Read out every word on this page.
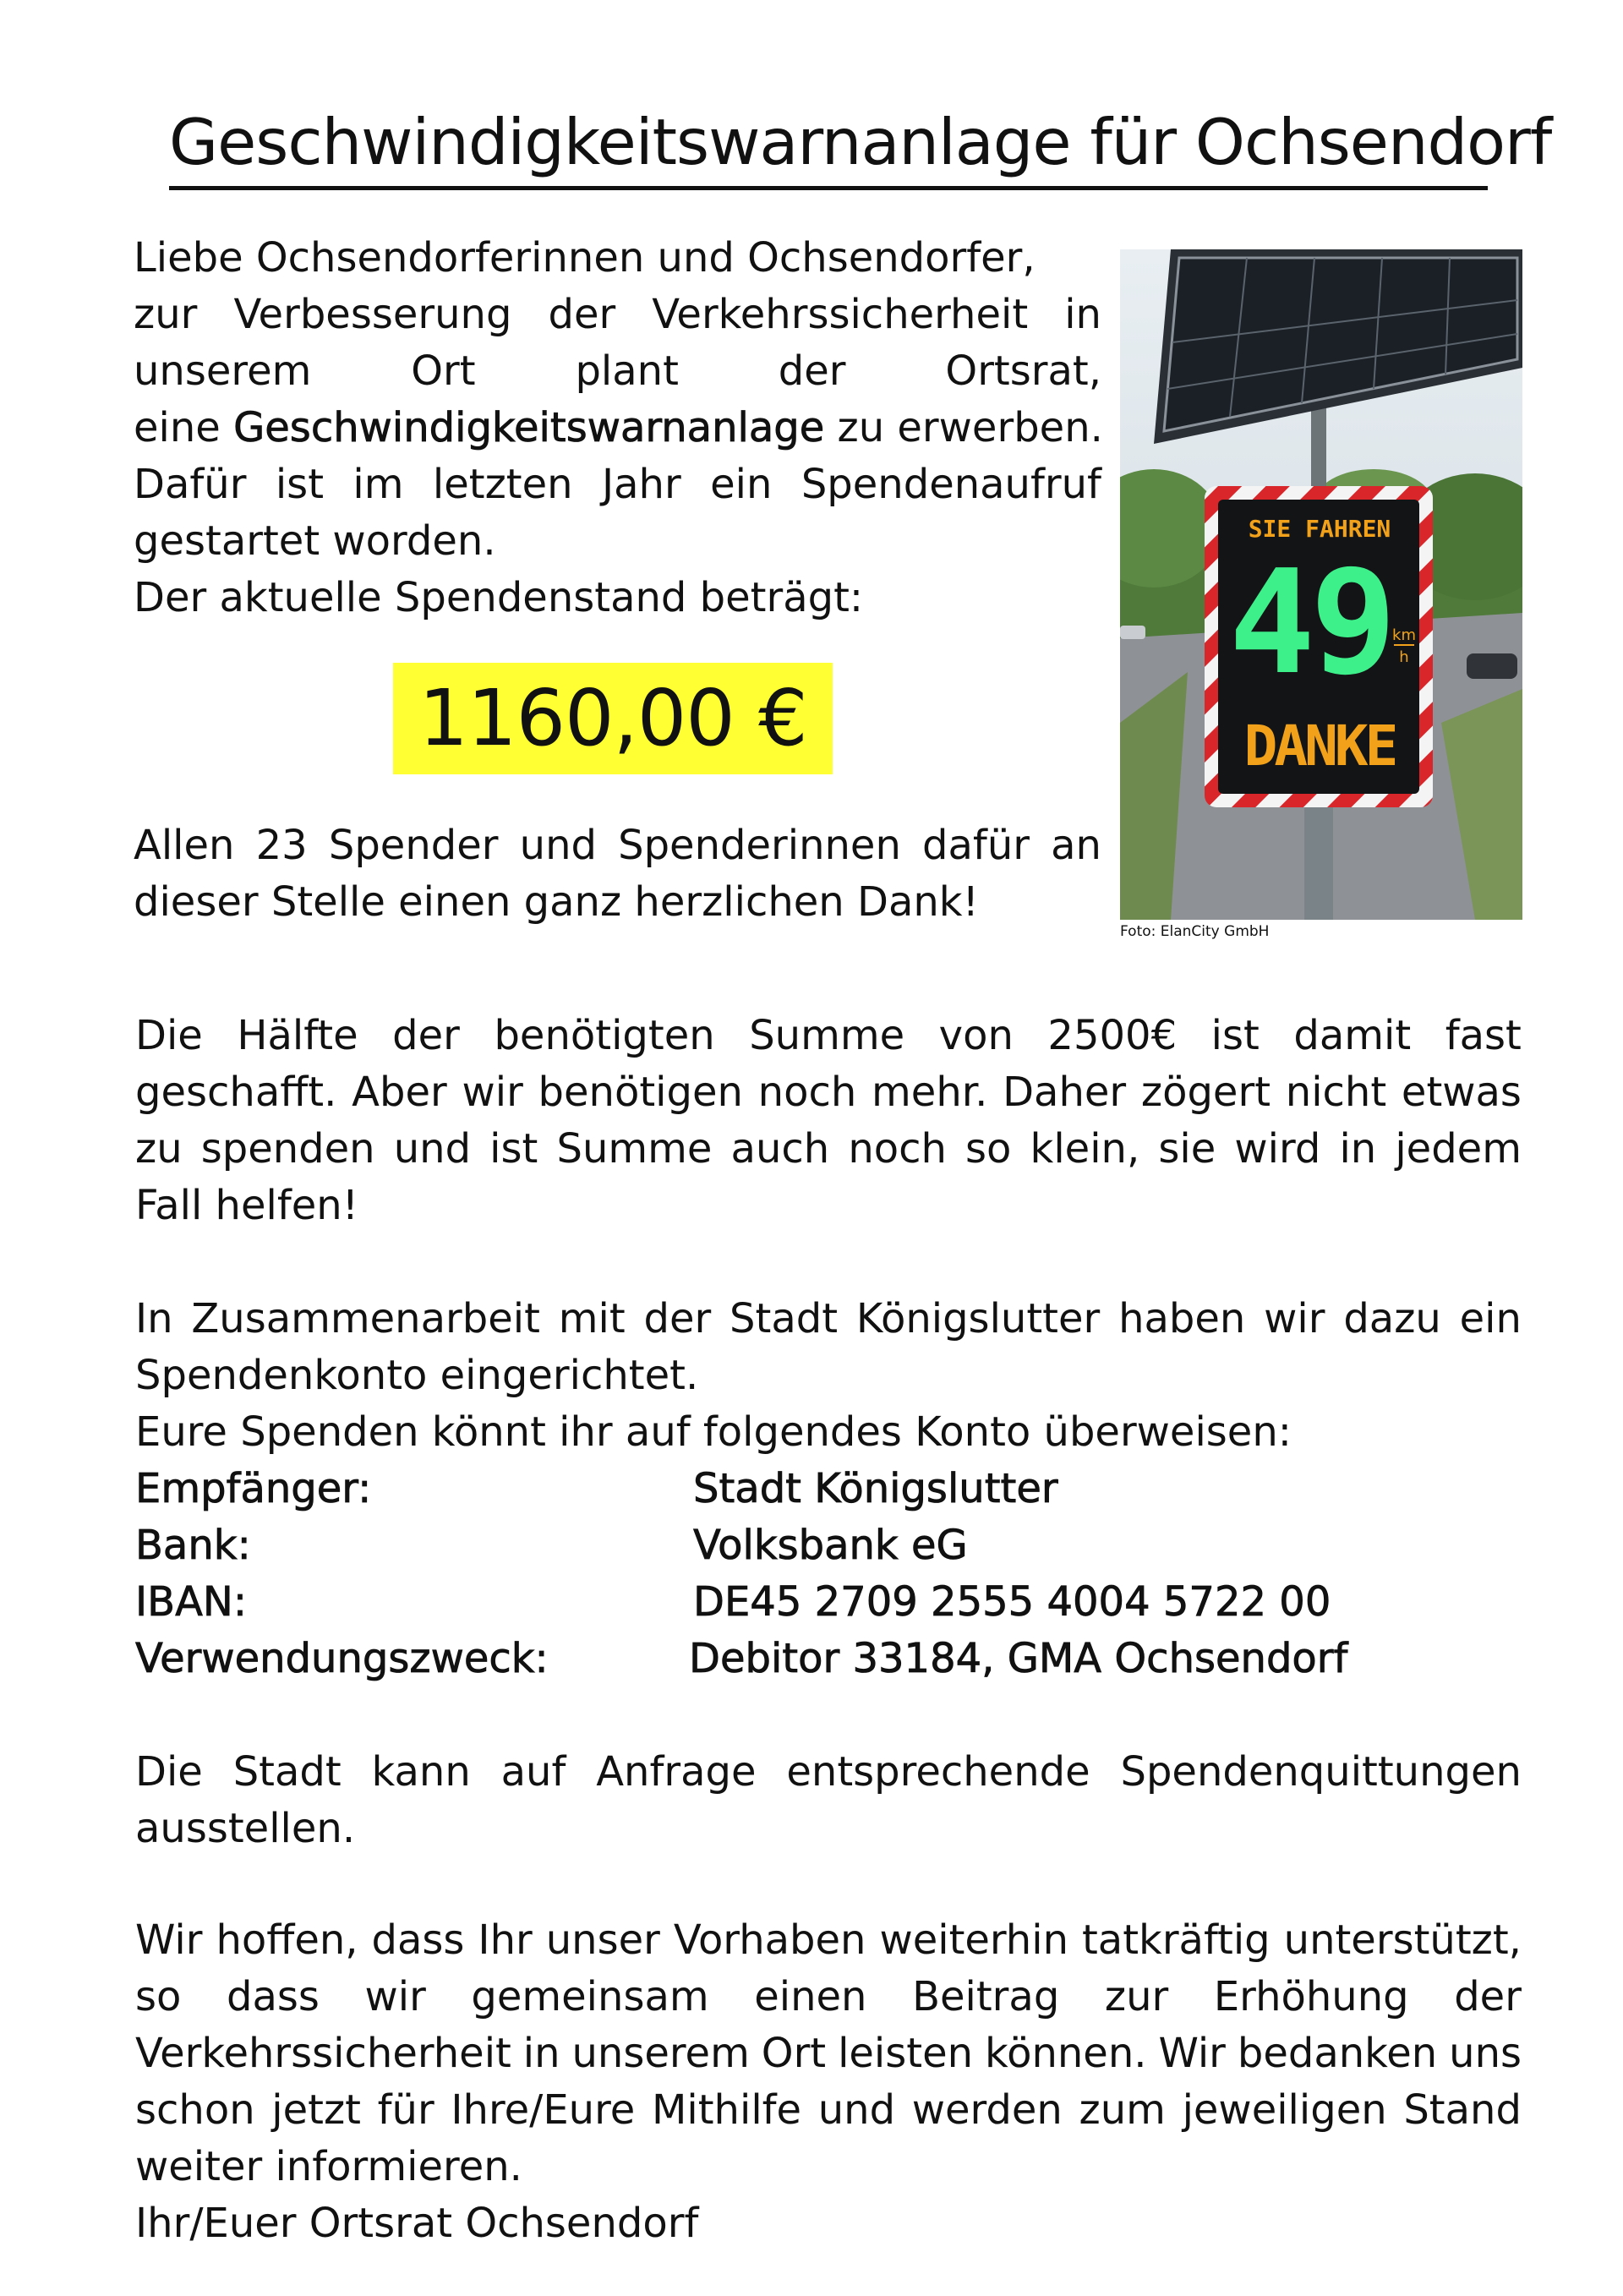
Geschwindigkeitswarnanlage für Ochsendorf
Liebe Ochsendorferinnen und Ochsendorfer,
zur Verbesserung der Verkehrssicherheit in
unserem Ort plant der Ortsrat,
eine Geschwindigkeitswarnanlage zu erwerben.
Dafür ist im letzten Jahr ein Spendenaufruf
gestartet worden.
Der aktuelle Spendenstand beträgt:
1160,00 €
Allen 23 Spender und Spenderinnen dafür an
dieser Stelle einen ganz herzlichen Dank!
SIE FAHREN
49 km
h
DANKE
Foto: ElanCity GmbH
Die Hälfte der benötigten Summe von 2500€ ist damit fast
geschafft. Aber wir benötigen noch mehr. Daher zögert nicht etwas
zu spenden und ist Summe auch noch so klein, sie wird in jedem
Fall helfen!
In Zusammenarbeit mit der Stadt Königslutter haben wir dazu ein
Spendenkonto eingerichtet.
Eure Spenden könnt ihr auf folgendes Konto überweisen:
Empfänger:	Stadt Königslutter
Bank:	Volksbank eG
IBAN:	DE45 2709 2555 4004 5722 00
Verwendungszweck:	Debitor 33184, GMA Ochsendorf
Die Stadt kann auf Anfrage entsprechende Spendenquittungen
ausstellen.
Wir hoffen, dass Ihr unser Vorhaben weiterhin tatkräftig unterstützt,
so dass wir gemeinsam einen Beitrag zur Erhöhung der
Verkehrssicherheit in unserem Ort leisten können. Wir bedanken uns
schon jetzt für Ihre/Eure Mithilfe und werden zum jeweiligen Stand
weiter informieren.
Ihr/Euer Ortsrat Ochsendorf
